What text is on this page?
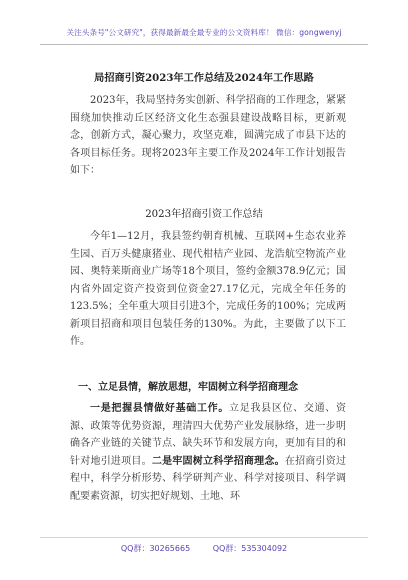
关注头条号"公文研究"，获得最新最全最专业的公文资料库！ 微信：gongwenyj
局招商引资2023年工作总结及2024年工作思路

2023年，我局坚持务实创新、科学招商的工作理念，紧紧围绕加快推动丘区经济文化生态强县建设战略目标，更新观念，创新方式，凝心聚力，攻坚克难，圆满完成了市县下达的各项目标任务。现将2023年主要工作及2024年工作计划报告如下：

2023年招商引资工作总结

今年1—12月，我县签约朝育机械、互联网+生态农业养生园、百万头健康猪业、现代柑桔产业园、龙浩航空物流产业园、奥特莱斯商业广场等18个项目，签约金额378.9亿元；国内省外固定资产投资到位资金27.17亿元，完成全年任务的123.5%；全年重大项目引进3个，完成任务的100%；完成两新项目招商和项目包装任务的130%。为此，主要做了以下工作。

一、立足县情，解放思想，牢固树立科学招商理念

一是把握县情做好基础工作。立足我县区位、交通、资源、政策等优势资源，理清四大优势产业发展脉络，进一步明确各产业链的关键节点、缺失环节和发展方向，更加有目的和针对地引进项目。二是牢固树立科学招商理念。在招商引资过程中，科学分析形势、科学研判产业、科学对接项目、科学调配要素资源，切实把好规划、土地、环

QQ群：30265665	QQ群：535304092
